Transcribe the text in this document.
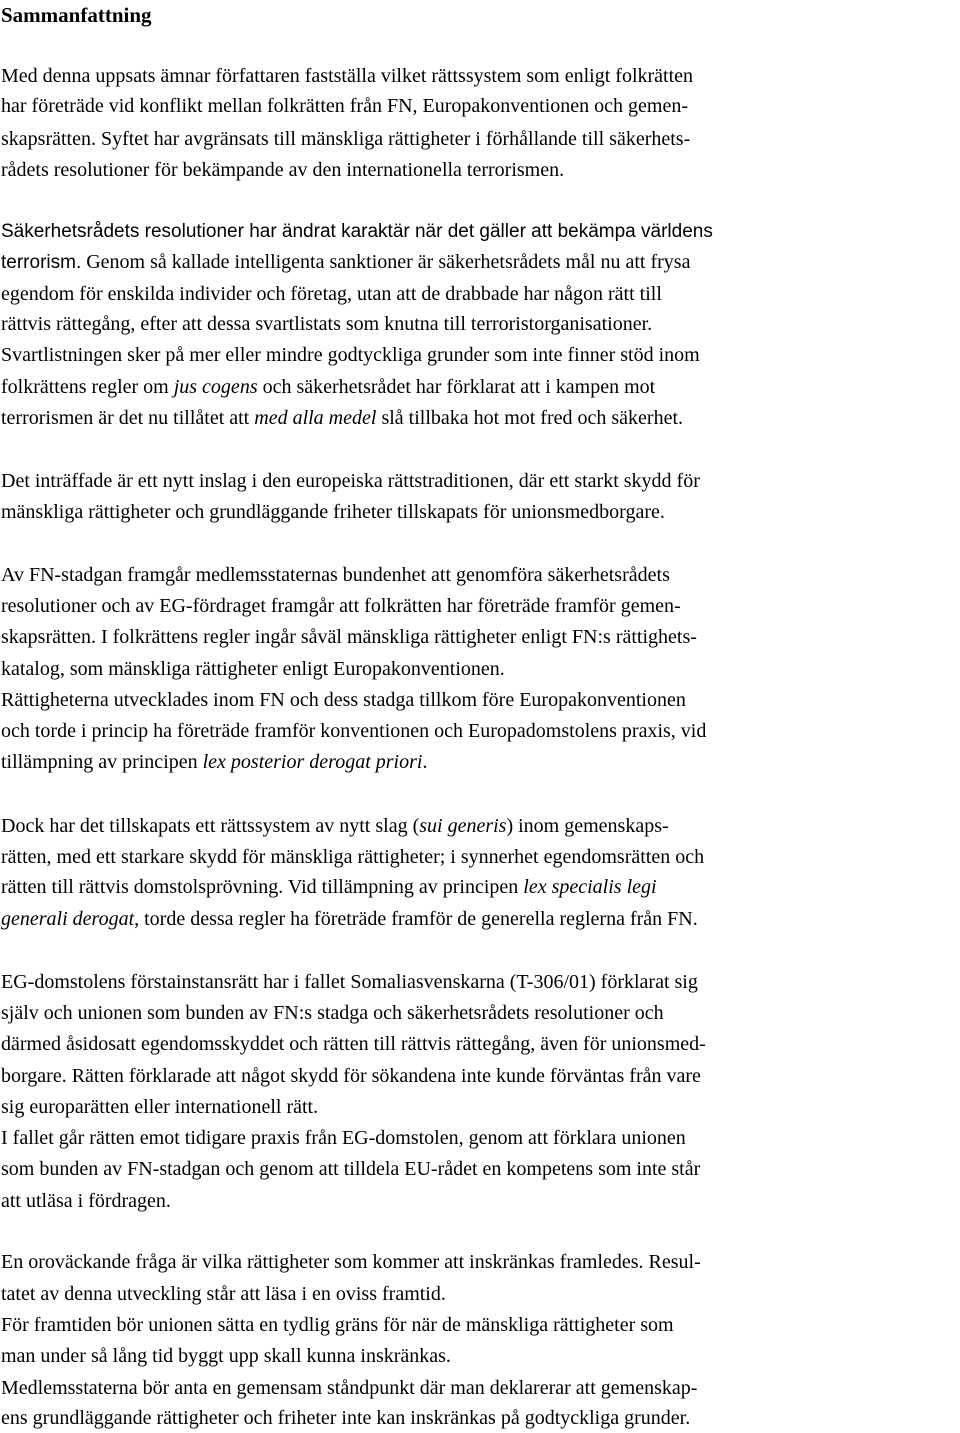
Sammanfattning
Med denna uppsats ämnar författaren fastställa vilket rättssystem som enligt folkrätten
har företräde vid konflikt mellan folkrätten från FN, Europakonventionen och gemen-
skapsrätten. Syftet har avgränsats till mänskliga rättigheter i förhållande till säkerhets-
rådets resolutioner för bekämpande av den internationella terrorismen.
Säkerhetsrådets resolutioner har ändrat karaktär när det gäller att bekämpa världens
terrorism. Genom så kallade intelligenta sanktioner är säkerhetsrådets mål nu att frysa
egendom för enskilda individer och företag, utan att de drabbade har någon rätt till
rättvis rättegång, efter att dessa svartlistats som knutna till terroristorganisationer.
Svartlistningen sker på mer eller mindre godtyckliga grunder som inte finner stöd inom
folkrättens regler om jus cogens och säkerhetsrådet har förklarat att i kampen mot
terrorismen är det nu tillåtet att med alla medel slå tillbaka hot mot fred och säkerhet.
Det inträffade är ett nytt inslag i den europeiska rättstraditionen, där ett starkt skydd för
mänskliga rättigheter och grundläggande friheter tillskapats för unionsmedborgare.
Av FN-stadgan framgår medlemsstaternas bundenhet att genomföra säkerhetsrådets
resolutioner och av EG-fördraget framgår att folkrätten har företräde framför gemen-
skapsrätten. I folkrättens regler ingår såväl mänskliga rättigheter enligt FN:s rättighets-
katalog, som mänskliga rättigheter enligt Europakonventionen.
Rättigheterna utvecklades inom FN och dess stadga tillkom före Europakonventionen
och torde i princip ha företräde framför konventionen och Europadomstolens praxis, vid
tillämpning av principen lex posterior derogat priori.
Dock har det tillskapats ett rättssystem av nytt slag (sui generis) inom gemenskaps-
rätten, med ett starkare skydd för mänskliga rättigheter; i synnerhet egendomsrätten och
rätten till rättvis domstolsprövning. Vid tillämpning av principen lex specialis legi
generali derogat, torde dessa regler ha företräde framför de generella reglerna från FN.
EG-domstolens förstainstansrätt har i fallet Somaliasvenskarna (T-306/01) förklarat sig
själv och unionen som bunden av FN:s stadga och säkerhetsrådets resolutioner och
därmed åsidosatt egendomsskyddet och rätten till rättvis rättegång, även för unionsmed-
borgare. Rätten förklarade att något skydd för sökandena inte kunde förväntas från vare
sig europarätten eller internationell rätt.
I fallet går rätten emot tidigare praxis från EG-domstolen, genom att förklara unionen
som bunden av FN-stadgan och genom att tilldela EU-rådet en kompetens som inte står
att utläsa i fördragen.
En oroväckande fråga är vilka rättigheter som kommer att inskränkas framledes. Resul-
tatet av denna utveckling står att läsa i en oviss framtid.
För framtiden bör unionen sätta en tydlig gräns för när de mänskliga rättigheter som
man under så lång tid byggt upp skall kunna inskränkas.
Medlemsstaterna bör anta en gemensam ståndpunkt där man deklarerar att gemenskap-
ens grundläggande rättigheter och friheter inte kan inskränkas på godtyckliga grunder.
